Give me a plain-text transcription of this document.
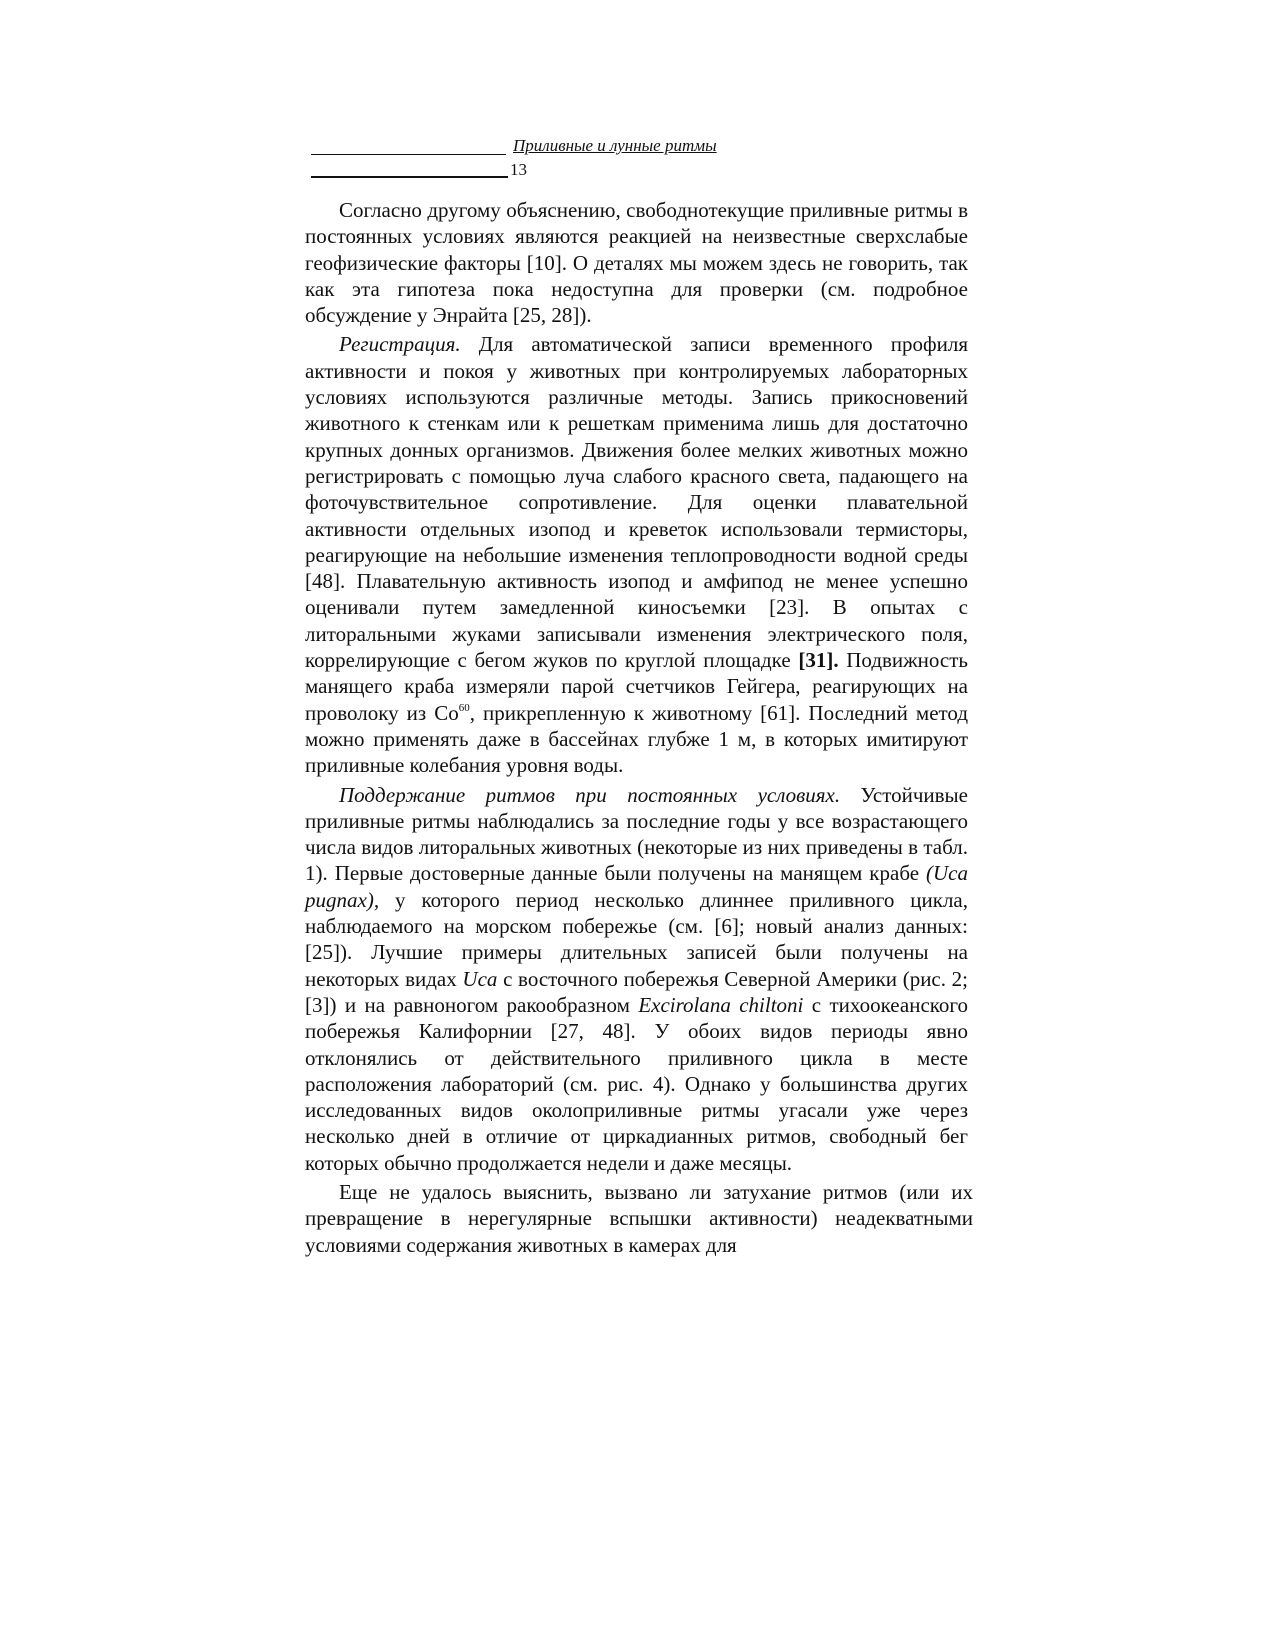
Приливные и лунные ритмы
13

Согласно другому объяснению, свободнотекущие приливные ритмы в постоянных условиях являются реакцией на неизвестные сверхслабые геофизические факторы [10]. О деталях мы можем здесь не говорить, так как эта гипотеза пока недоступна для проверки (см. подробное обсуждение у Энрайта [25, 28]).

Регистрация. Для автоматической записи временного профиля активности и покоя у животных при контролируемых лабораторных условиях используются различные методы. Запись прикосновений животного к стенкам или к решеткам применима лишь для достаточно крупных донных организмов. Движения более мелких животных можно регистрировать с помощью луча слабого красного света, падающего на фоточувствительное сопротивление. Для оценки плавательной активности отдельных изопод и креветок использовали термисторы, реагирующие на небольшие изменения теплопроводности водной среды [48]. Плавательную активность изопод и амфипод не менее успешно оценивали путем замедленной киносъемки [23]. В опытах с литоральными жуками записывали изменения электрического поля, коррелирующие с бегом жуков по круглой площадке [31]. Подвижность манящего краба измеряли парой счетчиков Гейгера, реагирующих на проволоку из Co$^{60}$, прикрепленную к животному [61]. Последний метод можно применять даже в бассейнах глубже 1 м, в которых имитируют приливные колебания уровня воды.

Поддержание ритмов при постоянных условиях. Устойчивые приливные ритмы наблюдались за последние годы у все возрастающего числа видов литоральных животных (некоторые из них приведены в табл. 1). Первые достоверные данные были получены на манящем крабе (Uca pugnax), у которого период несколько длиннее приливного цикла, наблюдаемого на морском побережье (см. [6]; новый анализ данных: [25]). Лучшие примеры длительных записей были получены на некоторых видах Uca с восточного побережья Северной Америки (рис. 2; [3]) и на равноногом ракообразном Excirolana chiltoni с тихоокеанского побережья Калифорнии [27, 48]. У обоих видов периоды явно отклонялись от действительного приливного цикла в месте расположения лабораторий (см. рис. 4). Однако у большинства других исследованных видов околоприливные ритмы угасали уже через несколько дней в отличие от циркадианных ритмов, свободный бег которых обычно продолжается недели и даже месяцы.

Еще не удалось выяснить, вызвано ли затухание ритмов (или их превращение в нерегулярные вспышки активности) неадекватными условиями содержания животных в камерах для
